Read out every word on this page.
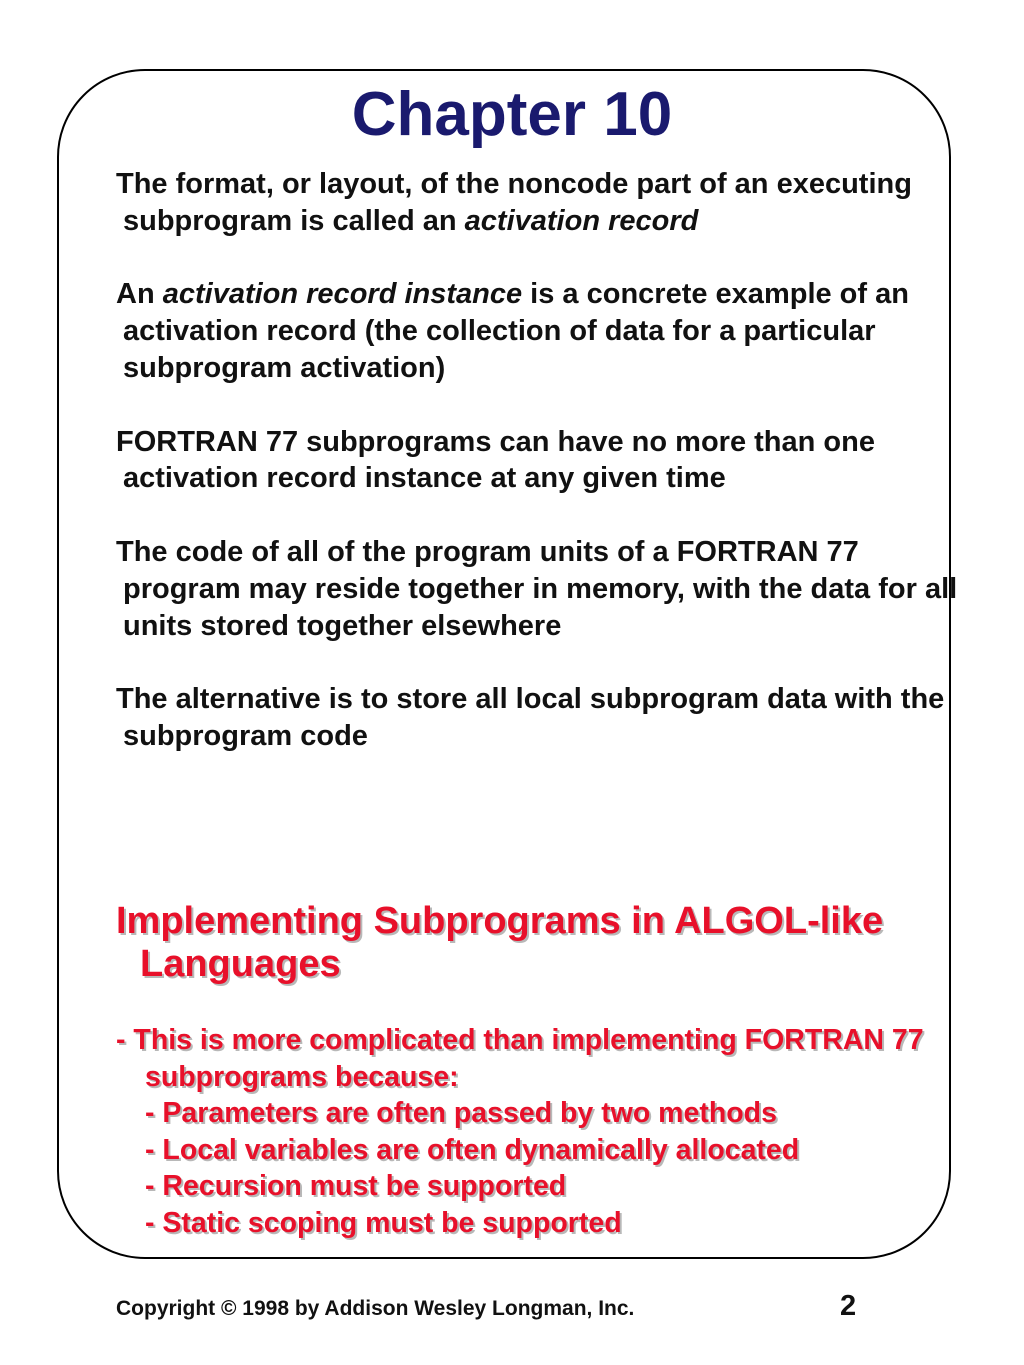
Chapter 10

The format, or layout, of the noncode part of an executing subprogram is called an activation record

An activation record instance is a concrete example of an activation record (the collection of data for a particular subprogram activation)

FORTRAN 77 subprograms can have no more than one activation record instance at any given time

The code of all of the program units of a FORTRAN 77 program may reside together in memory, with the data for all units stored together elsewhere

The alternative is to store all local subprogram data with the subprogram code

Implementing Subprograms in ALGOL-like Languages

- This is more complicated than implementing FORTRAN 77 subprograms because:
- Parameters are often passed by two methods
- Local variables are often dynamically allocated
- Recursion must be supported
- Static scoping must be supported
Copyright © 1998 by Addison Wesley Longman, Inc.	2
